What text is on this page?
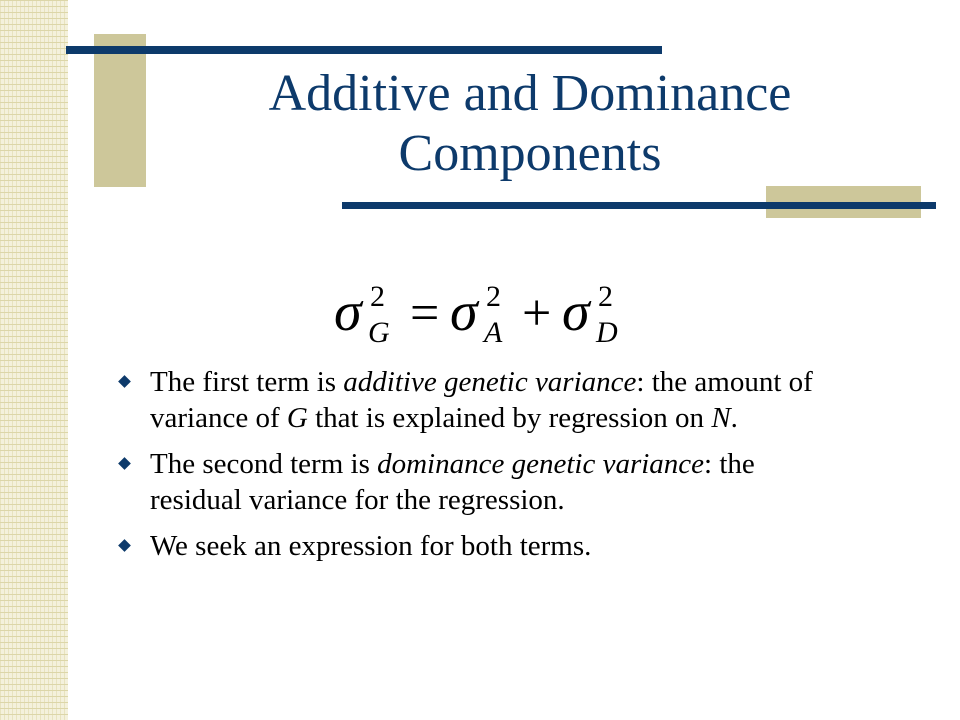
Additive and Dominance
Components
σ 2
G = σ 2
A + σ 2
D
The first term is additive genetic variance: the amount of variance of G that is explained by regression on N.
The second term is dominance genetic variance: the residual variance for the regression.
We seek an expression for both terms.
